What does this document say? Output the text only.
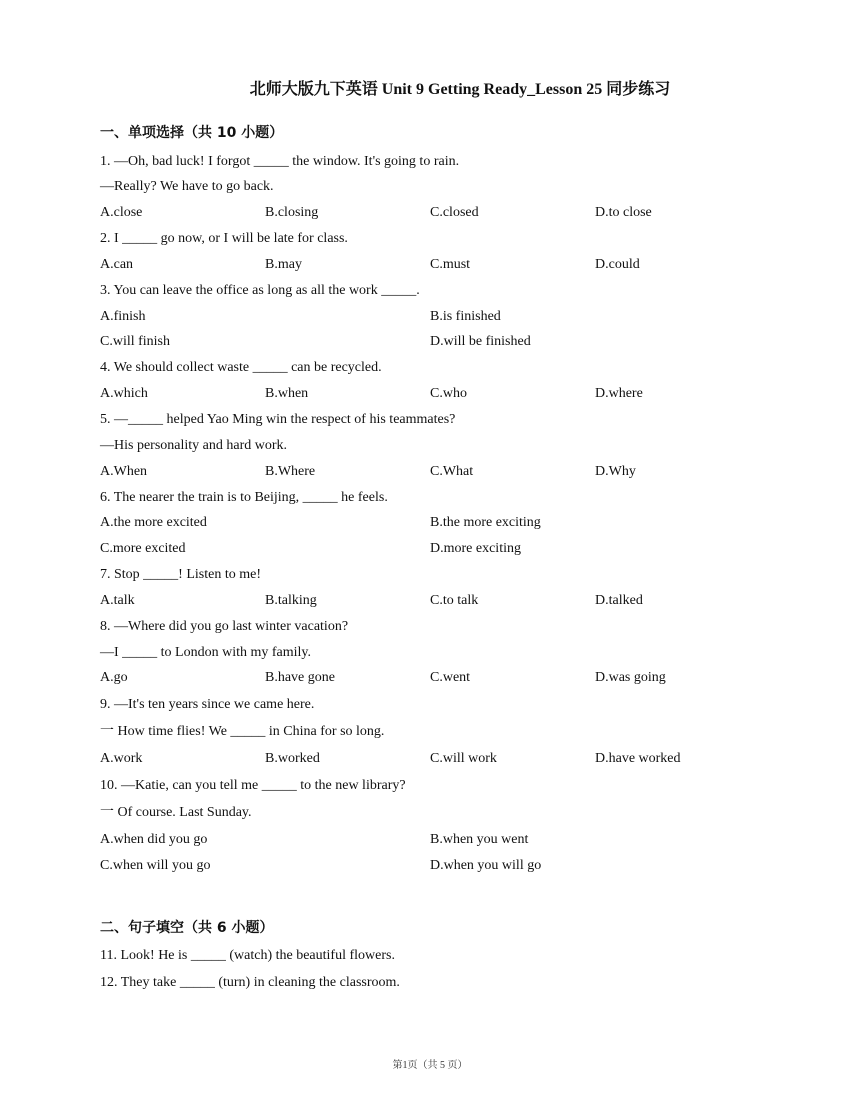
北师大版九下英语 Unit 9 Getting Ready_Lesson 25 同步练习
一、单项选择（共 10 小题）
1. —Oh, bad luck! I forgot _____ the window. It's going to rain.
—Really? We have to go back.
A.close	B.closing	C.closed	D.to close
2. I _____ go now, or I will be late for class.
A.can	B.may	C.must	D.could
3. You can leave the office as long as all the work _____.
A.finish	B.is finished
C.will finish	D.will be finished
4. We should collect waste _____ can be recycled.
A.which	B.when	C.who	D.where
5. —_____ helped Yao Ming win the respect of his teammates?
—His personality and hard work.
A.When	B.Where	C.What	D.Why
6. The nearer the train is to Beijing, _____ he feels.
A.the more excited	B.the more exciting
C.more excited	D.more exciting
7. Stop _____! Listen to me!
A.talk	B.talking	C.to talk	D.talked
8. —Where did you go last winter vacation?
—I _____ to London with my family.
A.go	B.have gone	C.went	D.was going
9. —It's ten years since we came here.
一 How time flies! We _____ in China for so long.
A.work	B.worked	C.will work	D.have worked
10. —Katie, can you tell me _____ to the new library?
一 Of course. Last Sunday.
A.when did you go	B.when you went
C.when will you go	D.when you will go
二、句子填空（共 6 小题）
11. Look! He is _____ (watch) the beautiful flowers.
12. They take _____ (turn) in cleaning the classroom.
第1页（共 5 页）
